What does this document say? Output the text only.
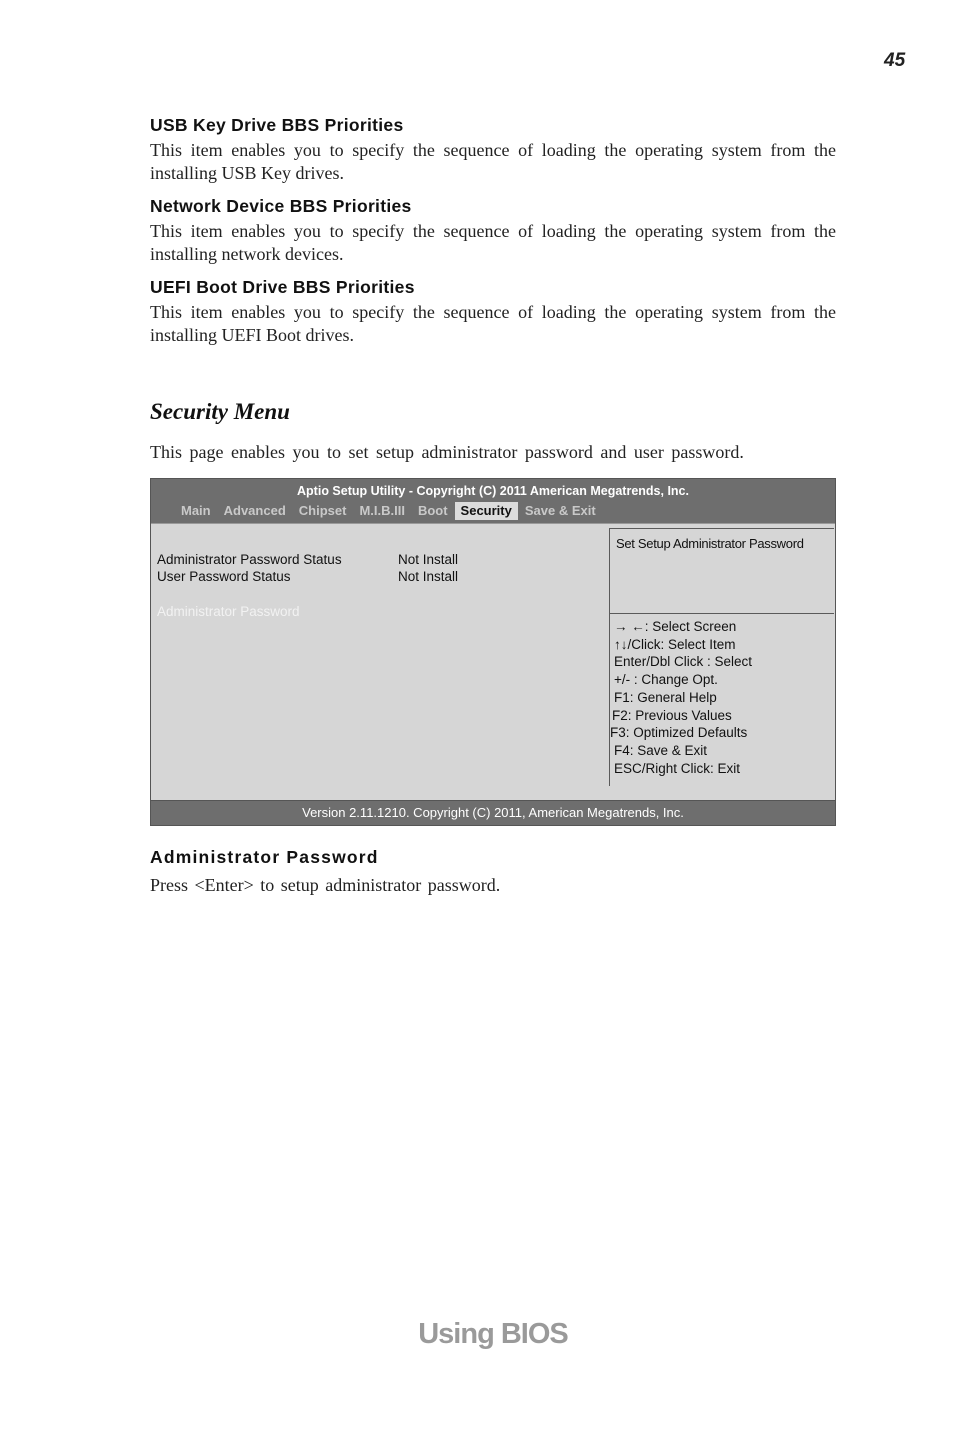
45
USB Key Drive BBS Priorities

This item enables you to specify the sequence of loading the operating system from the installing USB Key drives.

Network Device BBS Priorities

This item enables you to specify the sequence of loading the operating system from the installing network devices.

UEFI Boot Drive BBS Priorities

This item enables you to specify the sequence of loading the operating system from the installing UEFI Boot drives.

Security Menu
This page enables you to set setup administrator password and user password.
Aptio Setup Utility - Copyright (C) 2011 American Megatrends, Inc.
Main	Advanced	Chipset	M.I.B.III	Boot	Security	Save & Exit
Administrator Password Status	Not Install
User Password Status	Not Install
Administrator Password
Set Setup Administrator Password
→ ←: Select Screen
↑↓/Click: Select Item
Enter/Dbl Click : Select
+/- : Change Opt.
F1: General Help
F2: Previous Values
F3: Optimized Defaults
F4: Save & Exit
ESC/Right Click: Exit
Version 2.11.1210. Copyright (C) 2011, American Megatrends, Inc.
Administrator Password

Press <Enter> to setup administrator password.

Using BIOS
